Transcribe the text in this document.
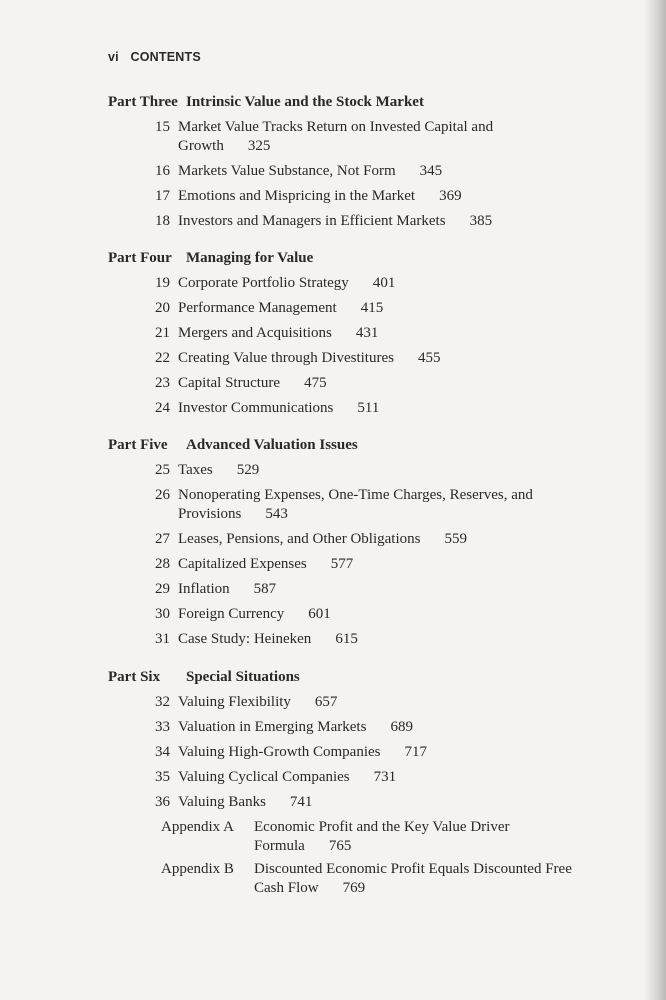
vi CONTENTS
Part Three Intrinsic Value and the Stock Market
15 Market Value Tracks Return on Invested Capital and Growth 325
16 Markets Value Substance, Not Form 345
17 Emotions and Mispricing in the Market 369
18 Investors and Managers in Efficient Markets 385
Part Four Managing for Value
19 Corporate Portfolio Strategy 401
20 Performance Management 415
21 Mergers and Acquisitions 431
22 Creating Value through Divestitures 455
23 Capital Structure 475
24 Investor Communications 511
Part Five	Advanced Valuation Issues
25 Taxes 529
26 Nonoperating Expenses, One-Time Charges, Reserves, and Provisions 543
27 Leases, Pensions, and Other Obligations 559
28 Capitalized Expenses 577
29 Inflation 587
30 Foreign Currency 601
31 Case Study: Heineken 615
Part Six	Special Situations
32 Valuing Flexibility 657
33 Valuation in Emerging Markets 689
34 Valuing High-Growth Companies 717
35 Valuing Cyclical Companies 731
36 Valuing Banks 741
Appendix A	Economic Profit and the Key Value Driver Formula 765
Appendix B	Discounted Economic Profit Equals Discounted Free Cash Flow 769
